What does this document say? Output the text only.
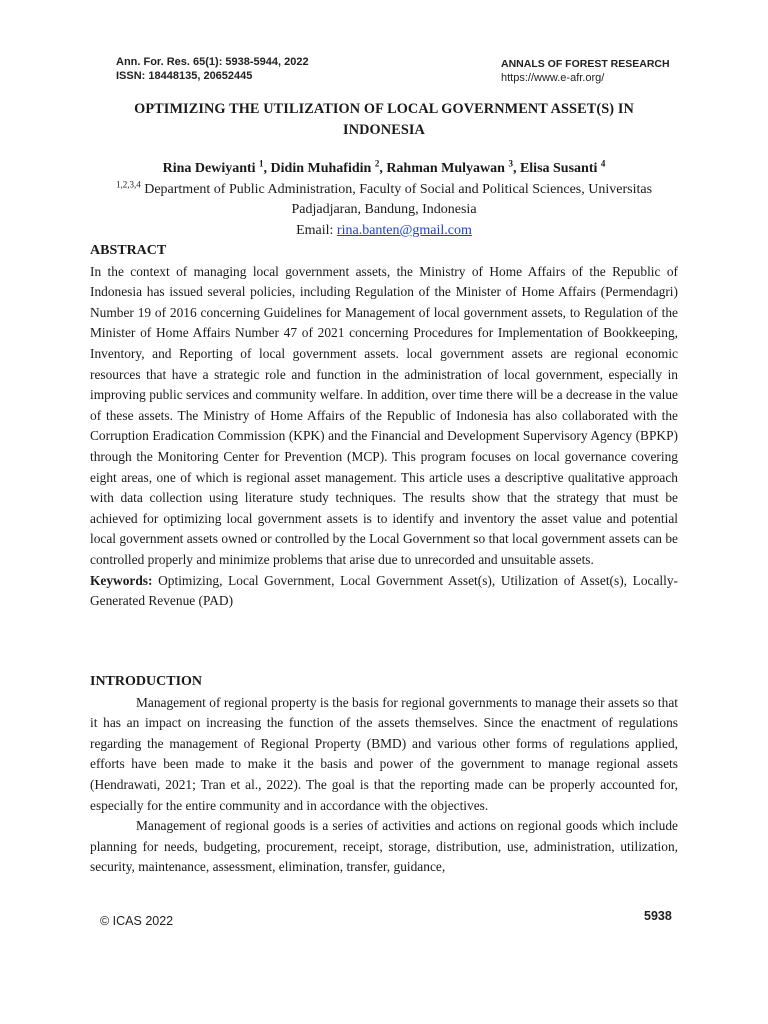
Ann. For. Res. 65(1): 5938-5944, 2022
ISSN: 18448135, 20652445
ANNALS OF FOREST RESEARCH
https://www.e-afr.org/
OPTIMIZING THE UTILIZATION OF LOCAL GOVERNMENT ASSET(S) IN INDONESIA
Rina Dewiyanti $^1$, Didin Muhafidin $^2$, Rahman Mulyawan $^3$, Elisa Susanti $^4$
$^{1,2,3,4}$ Department of Public Administration, Faculty of Social and Political Sciences, Universitas Padjadjaran, Bandung, Indonesia
Email: rina.banten@gmail.com
ABSTRACT
In the context of managing local government assets, the Ministry of Home Affairs of the Republic of Indonesia has issued several policies, including Regulation of the Minister of Home Affairs (Permendagri) Number 19 of 2016 concerning Guidelines for Management of local government assets, to Regulation of the Minister of Home Affairs Number 47 of 2021 concerning Procedures for Implementation of Bookkeeping, Inventory, and Reporting of local government assets. local government assets are regional economic resources that have a strategic role and function in the administration of local government, especially in improving public services and community welfare. In addition, over time there will be a decrease in the value of these assets. The Ministry of Home Affairs of the Republic of Indonesia has also collaborated with the Corruption Eradication Commission (KPK) and the Financial and Development Supervisory Agency (BPKP) through the Monitoring Center for Prevention (MCP). This program focuses on local governance covering eight areas, one of which is regional asset management. This article uses a descriptive qualitative approach with data collection using literature study techniques. The results show that the strategy that must be achieved for optimizing local government assets is to identify and inventory the asset value and potential local government assets owned or controlled by the Local Government so that local government assets can be controlled properly and minimize problems that arise due to unrecorded and unsuitable assets.
Keywords: Optimizing, Local Government, Local Government Asset(s), Utilization of Asset(s), Locally-Generated Revenue (PAD)
INTRODUCTION
Management of regional property is the basis for regional governments to manage their assets so that it has an impact on increasing the function of the assets themselves. Since the enactment of regulations regarding the management of Regional Property (BMD) and various other forms of regulations applied, efforts have been made to make it the basis and power of the government to manage regional assets (Hendrawati, 2021; Tran et al., 2022). The goal is that the reporting made can be properly accounted for, especially for the entire community and in accordance with the objectives.
Management of regional goods is a series of activities and actions on regional goods which include planning for needs, budgeting, procurement, receipt, storage, distribution, use, administration, utilization, security, maintenance, assessment, elimination, transfer, guidance,
© ICAS 2022	5938
